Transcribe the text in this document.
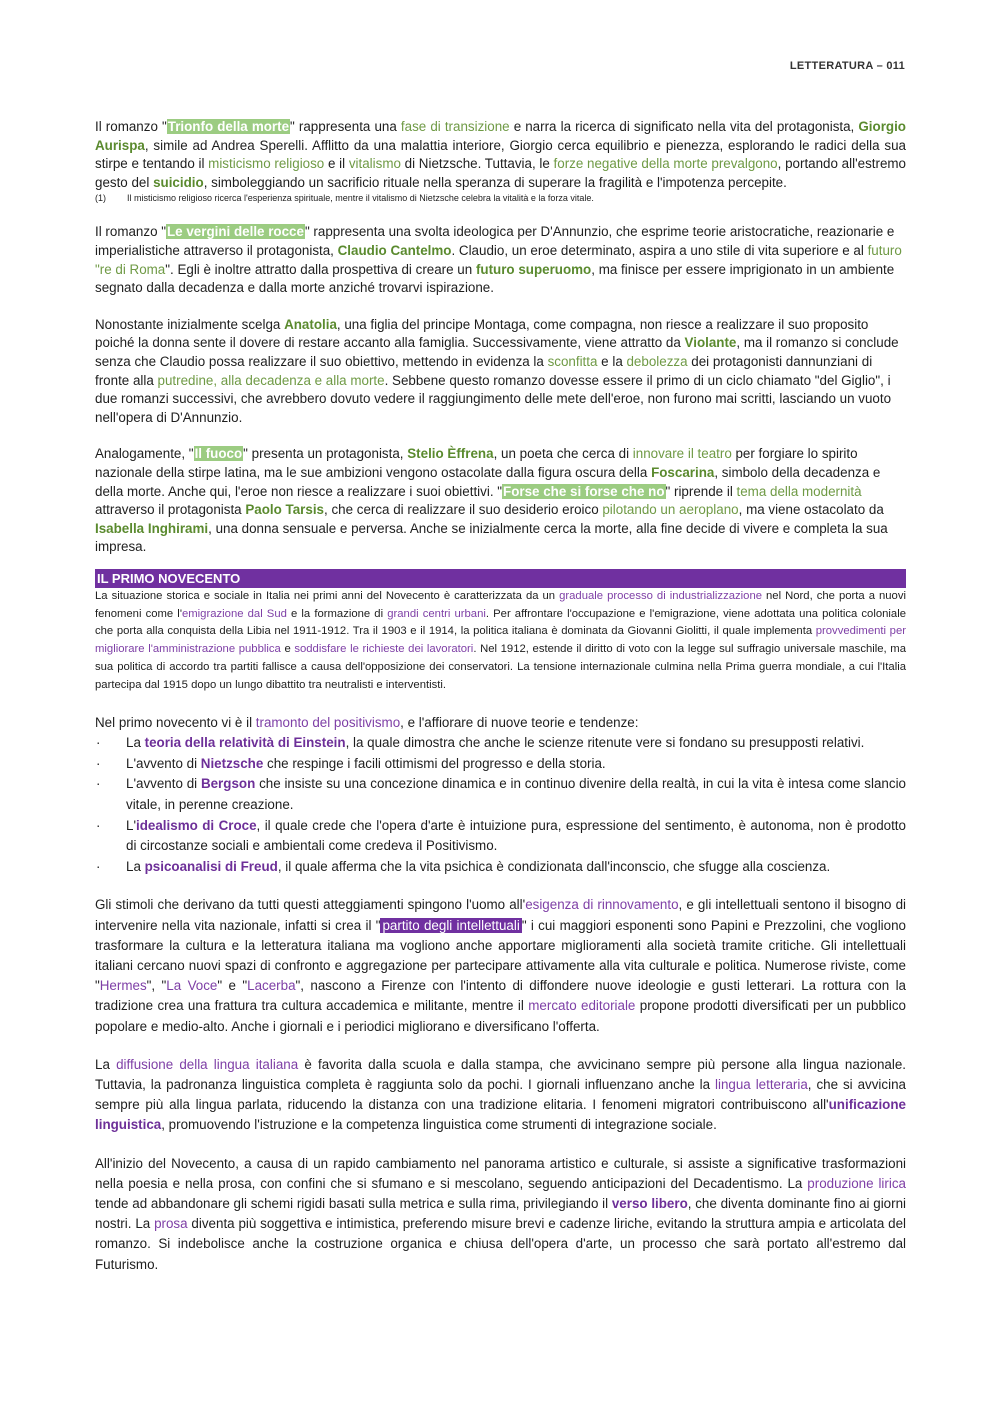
LETTERATURA – 011

Il romanzo "Trionfo della morte" rappresenta una fase di transizione e narra la ricerca di significato nella vita del protagonista, Giorgio Aurispa, simile ad Andrea Sperelli. Afflitto da una malattia interiore, Giorgio cerca equilibrio e pienezza, esplorando le radici della sua stirpe e tentando il misticismo religioso e il vitalismo di Nietzsche. Tuttavia, le forze negative della morte prevalgono, portando all'estremo gesto del suicidio, simboleggiando un sacrificio rituale nella speranza di superare la fragilità e l'impotenza percepite.

(1)	Il misticismo religioso ricerca l'esperienza spirituale, mentre il vitalismo di Nietzsche celebra la vitalità e la forza vitale.

Il romanzo "Le vergini delle rocce" rappresenta una svolta ideologica per D'Annunzio, che esprime teorie aristocratiche, reazionarie e imperialistiche attraverso il protagonista, Claudio Cantelmo. Claudio, un eroe determinato, aspira a uno stile di vita superiore e al futuro "re di Roma". Egli è inoltre attratto dalla prospettiva di creare un futuro superuomo, ma finisce per essere imprigionato in un ambiente segnato dalla decadenza e dalla morte anziché trovarvi ispirazione.

Nonostante inizialmente scelga Anatolia, una figlia del principe Montaga, come compagna, non riesce a realizzare il suo proposito poiché la donna sente il dovere di restare accanto alla famiglia. Successivamente, viene attratto da Violante, ma il romanzo si conclude senza che Claudio possa realizzare il suo obiettivo, mettendo in evidenza la sconfitta e la debolezza dei protagonisti dannunziani di fronte alla putredine, alla decadenza e alla morte. Sebbene questo romanzo dovesse essere il primo di un ciclo chiamato "del Giglio", i due romanzi successivi, che avrebbero dovuto vedere il raggiungimento delle mete dell'eroe, non furono mai scritti, lasciando un vuoto nell'opera di D'Annunzio.

Analogamente, "Il fuoco" presenta un protagonista, Stelio Èffrena, un poeta che cerca di innovare il teatro per forgiare lo spirito nazionale della stirpe latina, ma le sue ambizioni vengono ostacolate dalla figura oscura della Foscarina, simbolo della decadenza e della morte. Anche qui, l'eroe non riesce a realizzare i suoi obiettivi. "Forse che si forse che no" riprende il tema della modernità attraverso il protagonista Paolo Tarsis, che cerca di realizzare il suo desiderio eroico pilotando un aeroplano, ma viene ostacolato da Isabella Inghirami, una donna sensuale e perversa. Anche se inizialmente cerca la morte, alla fine decide di vivere e completa la sua impresa.

IL PRIMO NOVECENTO

La situazione storica e sociale in Italia nei primi anni del Novecento è caratterizzata da un graduale processo di industrializzazione nel Nord, che porta a nuovi fenomeni come l'emigrazione dal Sud e la formazione di grandi centri urbani. Per affrontare l'occupazione e l'emigrazione, viene adottata una politica coloniale che porta alla conquista della Libia nel 1911-1912. Tra il 1903 e il 1914, la politica italiana è dominata da Giovanni Giolitti, il quale implementa provvedimenti per migliorare l'amministrazione pubblica e soddisfare le richieste dei lavoratori. Nel 1912, estende il diritto di voto con la legge sul suffragio universale maschile, ma sua politica di accordo tra partiti fallisce a causa dell'opposizione dei conservatori. La tensione internazionale culmina nella Prima guerra mondiale, a cui l'Italia partecipa dal 1915 dopo un lungo dibattito tra neutralisti e interventisti.

Nel primo novecento vi è il tramonto del positivismo, e l'affiorare di nuove teorie e tendenze:

·	La teoria della relatività di Einstein, la quale dimostra che anche le scienze ritenute vere si fondano su presupposti relativi.
·	L'avvento di Nietzsche che respinge i facili ottimismi del progresso e della storia.
·	L'avvento di Bergson che insiste su una concezione dinamica e in continuo divenire della realtà, in cui la vita è intesa come slancio vitale, in perenne creazione.
·	L'idealismo di Croce, il quale crede che l'opera d'arte è intuizione pura, espressione del sentimento, è autonoma, non è prodotto di circostanze sociali e ambientali come credeva il Positivismo.
·	La psicoanalisi di Freud, il quale afferma che la vita psichica è condizionata dall'inconscio, che sfugge alla coscienza.

Gli stimoli che derivano da tutti questi atteggiamenti spingono l'uomo all'esigenza di rinnovamento, e gli intellettuali sentono il bisogno di intervenire nella vita nazionale, infatti si crea il " partito degli intellettuali " i cui maggiori esponenti sono Papini e Prezzolini, che vogliono trasformare la cultura e la letteratura italiana ma vogliono anche apportare miglioramenti alla società tramite critiche. Gli intellettuali italiani cercano nuovi spazi di confronto e aggregazione per partecipare attivamente alla vita culturale e politica. Numerose riviste, come "Hermes", "La Voce" e "Lacerba", nascono a Firenze con l'intento di diffondere nuove ideologie e gusti letterari. La rottura con la tradizione crea una frattura tra cultura accademica e militante, mentre il mercato editoriale propone prodotti diversificati per un pubblico popolare e medio-alto. Anche i giornali e i periodici migliorano e diversificano l'offerta.

La diffusione della lingua italiana è favorita dalla scuola e dalla stampa, che avvicinano sempre più persone alla lingua nazionale. Tuttavia, la padronanza linguistica completa è raggiunta solo da pochi. I giornali influenzano anche la lingua letteraria, che si avvicina sempre più alla lingua parlata, riducendo la distanza con una tradizione elitaria. I fenomeni migratori contribuiscono all'unificazione linguistica, promuovendo l'istruzione e la competenza linguistica come strumenti di integrazione sociale.

All'inizio del Novecento, a causa di un rapido cambiamento nel panorama artistico e culturale, si assiste a significative trasformazioni nella poesia e nella prosa, con confini che si sfumano e si mescolano, seguendo anticipazioni del Decadentismo. La produzione lirica tende ad abbandonare gli schemi rigidi basati sulla metrica e sulla rima, privilegiando il verso libero, che diventa dominante fino ai giorni nostri. La prosa diventa più soggettiva e intimistica, preferendo misure brevi e cadenze liriche, evitando la struttura ampia e articolata del romanzo. Si indebolisce anche la costruzione organica e chiusa dell'opera d'arte, un processo che sarà portato all'estremo dal Futurismo.
